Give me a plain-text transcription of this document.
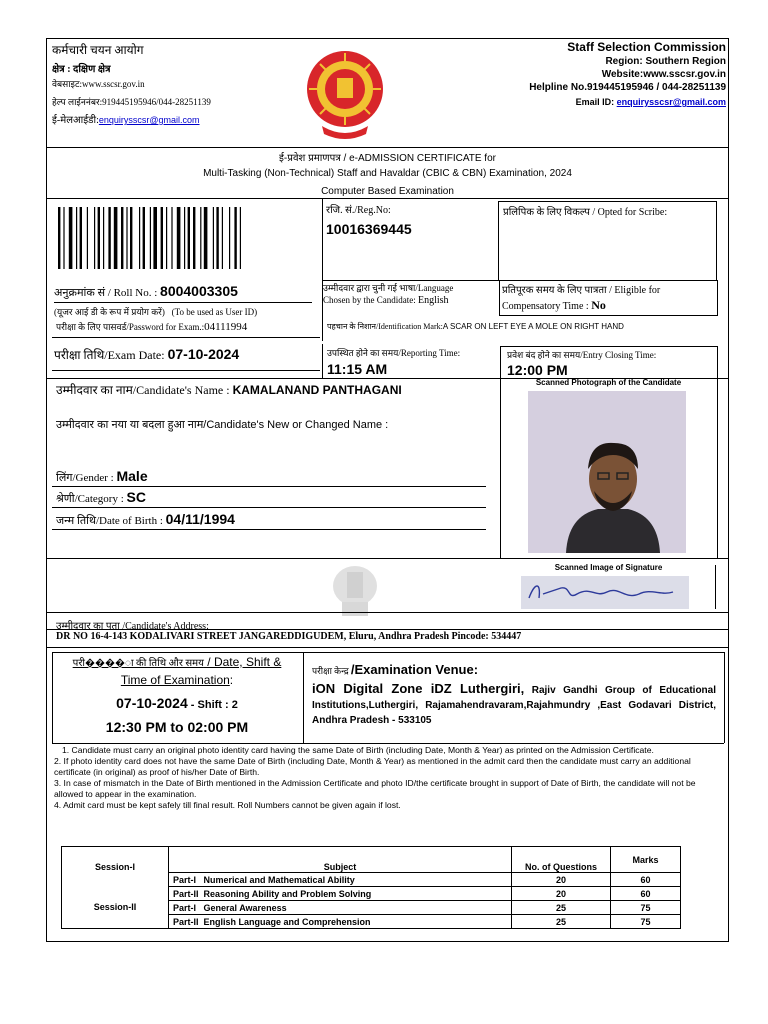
कर्मचारी चयन आयोग
क्षेत्र : दक्षिण क्षेत्र
वेबसाइट:www.sscsr.gov.in
हेल्प लाईननंबर:919445195946/044-28251139
ई-मेलआईडी:enquirysscsr@gmail.com
Staff Selection Commission
Region: Southern Region
Website:www.sscsr.gov.in
Helpline No.919445195946 / 044-28251139
Email ID: enquirysscsr@gmail.com
ई-प्रवेश प्रमाणपत्र / e-ADMISSION CERTIFICATE for
Multi-Tasking (Non-Technical) Staff and Havaldar (CBIC & CBN) Examination, 2024
Computer Based Examination
रजि. सं./Reg.No:
10016369445
प्रलिपिक के लिए विकल्प / Opted for Scribe:
अनुक्रमांक सं / Roll No. : 8004003305
(यूजर आई डी के रूप में प्रयोग करें) (To be used as User ID)
उम्मीदवार द्वारा चुनी गई भाषा/Language
Chosen by the Candidate: English
प्रतिपूरक समय के लिए पात्रता / Eligible for
Compensatory Time : No
परीक्षा के लिए पासवर्ड/Password for Exam.:04111994	पहचान के निशान/Identification Mark:A SCAR ON LEFT EYE A MOLE ON RIGHT HAND
परीक्षा तिथि/Exam Date: 07-10-2024	उपस्थित होने का समय/Reporting Time:
11:15 AM
प्रवेश बंद होने का समय/Entry Closing Time:
12:00 PM
उम्मीदवार का नाम/Candidate's Name : KAMALANAND PANTHAGANI
उम्मीदवार का नया या बदला हुआ नाम/Candidate's New or Changed Name :
लिंग/Gender : Male
श्रेणी/Category : SC
जन्म तिथि/Date of Birth : 04/11/1994
Scanned Photograph of the Candidate
Scanned Image of Signature
उम्मीदवार का पता /Candidate's Address:
DR NO 16-4-143 KODALIVARI STREET JANGAREDDIGUDEM, Eluru, Andhra Pradesh Pincode: 534447
परी����ा की तिथि और समय / Date, Shift &
Time of Examination:
07-10-2024 - Shift : 2
12:30 PM to 02:00 PM
परीक्षा केन्द्र /Examination Venue:
iON Digital Zone iDZ Luthergiri, Rajiv Gandhi Group of Educational Institutions,Luthergiri, Rajamahendravaram,Rajahmundry ,East Godavari District, Andhra Pradesh - 533105

1. Candidate must carry an original photo identity card having the same Date of Birth (including Date, Month & Year) as printed on the Admission Certificate.

2. If photo identity card does not have the same Date of Birth (including Date, Month & Year) as mentioned in the admit card then the candidate must carry an additional certificate (in original) as proof of his/her Date of Birth.

3. In case of mismatch in the Date of Birth mentioned in the Admission Certificate and photo ID/the certificate brought in support of Date of Birth, the candidate will not be allowed to appear in the examination.

4. Admit card must be kept safely till final result. Roll Numbers cannot be given again if lost.

Session-I	Subject	No. of Questions	Marks
	Part-I Numerical and Mathematical Ability	20	60
Session-II	Part-II Reasoning Ability and Problem Solving	20	60
	Part-I General Awareness	25	75
	Part-II English Language and Comprehension	25	75
